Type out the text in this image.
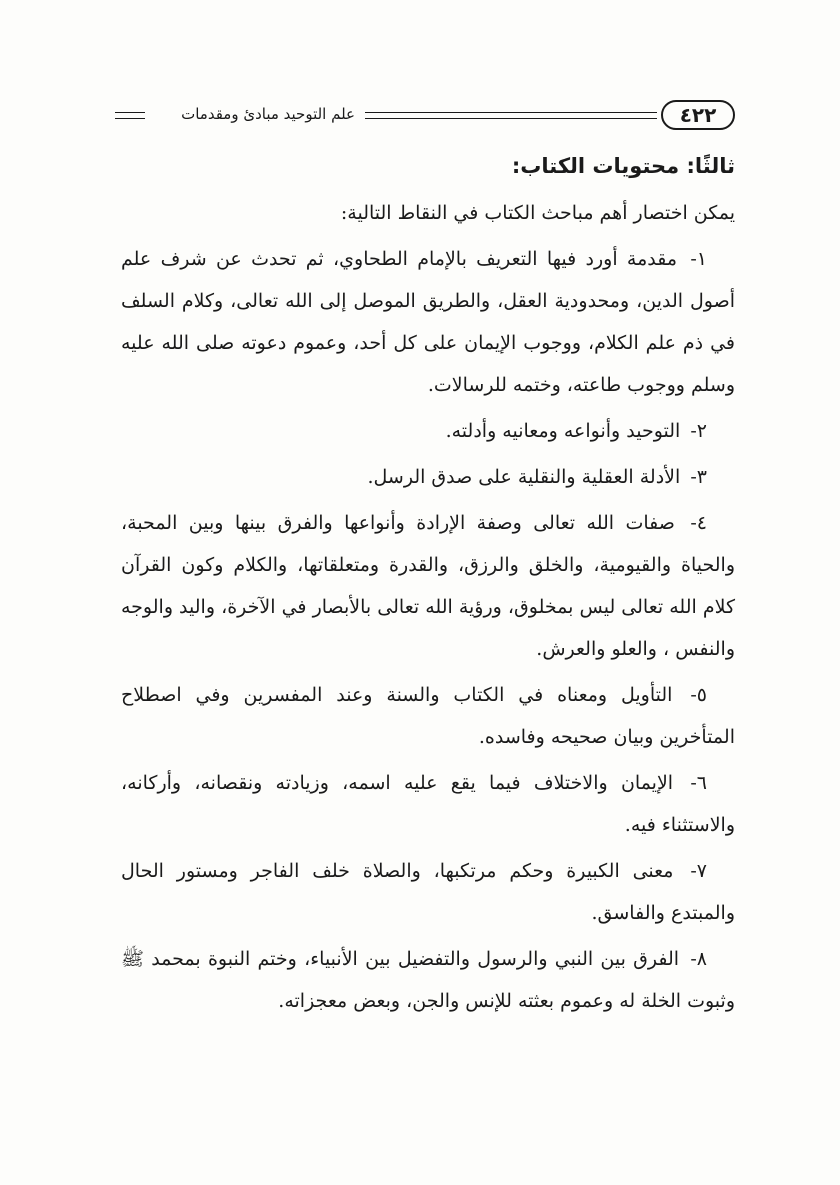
٤٢٢
علم التوحيد مبادئ ومقدمات
ثالثًا: محتويات الكتاب:

يمكن اختصار أهم مباحث الكتاب في النقاط التالية:

١- مقدمة أورد فيها التعريف بالإمام الطحاوي، ثم تحدث عن شرف علم أصول الدين، ومحدودية العقل، والطريق الموصل إلى الله تعالى، وكلام السلف في ذم علم الكلام، ووجوب الإيمان على كل أحد، وعموم دعوته صلى الله عليه وسلم ووجوب طاعته، وختمه للرسالات.

٢- التوحيد وأنواعه ومعانيه وأدلته.

٣- الأدلة العقلية والنقلية على صدق الرسل.

٤- صفات الله تعالى وصفة الإرادة وأنواعها والفرق بينها وبين المحبة، والحياة والقيومية، والخلق والرزق، والقدرة ومتعلقاتها، والكلام وكون القرآن كلام الله تعالى ليس بمخلوق، ورؤية الله تعالى بالأبصار في الآخرة، واليد والوجه والنفس ، والعلو والعرش.

٥- التأويل ومعناه في الكتاب والسنة وعند المفسرين وفي اصطلاح المتأخرين وبيان صحيحه وفاسده.

٦- الإيمان والاختلاف فيما يقع عليه اسمه، وزيادته ونقصانه، وأركانه، والاستثناء فيه.

٧- معنى الكبيرة وحكم مرتكبها، والصلاة خلف الفاجر ومستور الحال والمبتدع والفاسق.

٨- الفرق بين النبي والرسول والتفضيل بين الأنبياء، وختم النبوة بمحمد ﷺ وثبوت الخلة له وعموم بعثته للإنس والجن، وبعض معجزاته.
